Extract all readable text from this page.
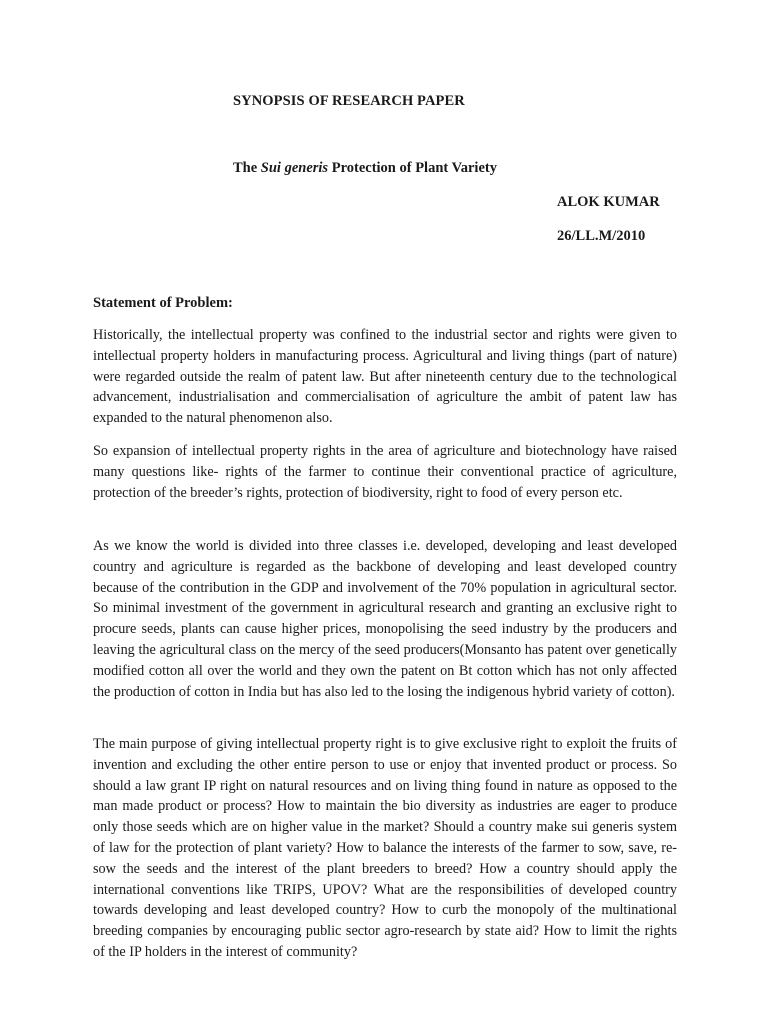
SYNOPSIS OF RESEARCH PAPER

The Sui generis Protection of Plant Variety

ALOK KUMAR

26/LL.M/2010

Statement of Problem:

Historically, the intellectual property was confined to the industrial sector and rights were given to intellectual property holders in manufacturing process. Agricultural and living things (part of nature) were regarded outside the realm of patent law. But after nineteenth century due to the technological advancement, industrialisation and commercialisation of agriculture the ambit of patent law has expanded to the natural phenomenon also.

So expansion of intellectual property rights in the area of agriculture and biotechnology have raised many questions like- rights of the farmer to continue their conventional practice of agriculture, protection of the breeder’s rights, protection of biodiversity, right to food of every person etc.

As we know the world is divided into three classes i.e. developed, developing and least developed country and agriculture is regarded as the backbone of developing and least developed country because of the contribution in the GDP and involvement of the 70% population in agricultural sector. So minimal investment of the government in agricultural research and granting an exclusive right to procure seeds, plants can cause higher prices, monopolising the seed industry by the producers and leaving the agricultural class on the mercy of the seed producers(Monsanto has patent over genetically modified cotton all over the world and they own the patent on Bt cotton which has not only affected the production of cotton in India but has also led to the losing the indigenous hybrid variety of cotton).

The main purpose of giving intellectual property right is to give exclusive right to exploit the fruits of invention and excluding the other entire person to use or enjoy that invented product or process. So should a law grant IP right on natural resources and on living thing found in nature as opposed to the man made product or process? How to maintain the bio diversity as industries are eager to produce only those seeds which are on higher value in the market? Should a country make sui generis system of law for the protection of plant variety? How to balance the interests of the farmer to sow, save, re-sow the seeds and the interest of the plant breeders to breed? How a country should apply the international conventions like TRIPS, UPOV? What are the responsibilities of developed country towards developing and least developed country? How to curb the monopoly of the multinational breeding companies by encouraging public sector agro-research by state aid? How to limit the rights of the IP holders in the interest of community?
